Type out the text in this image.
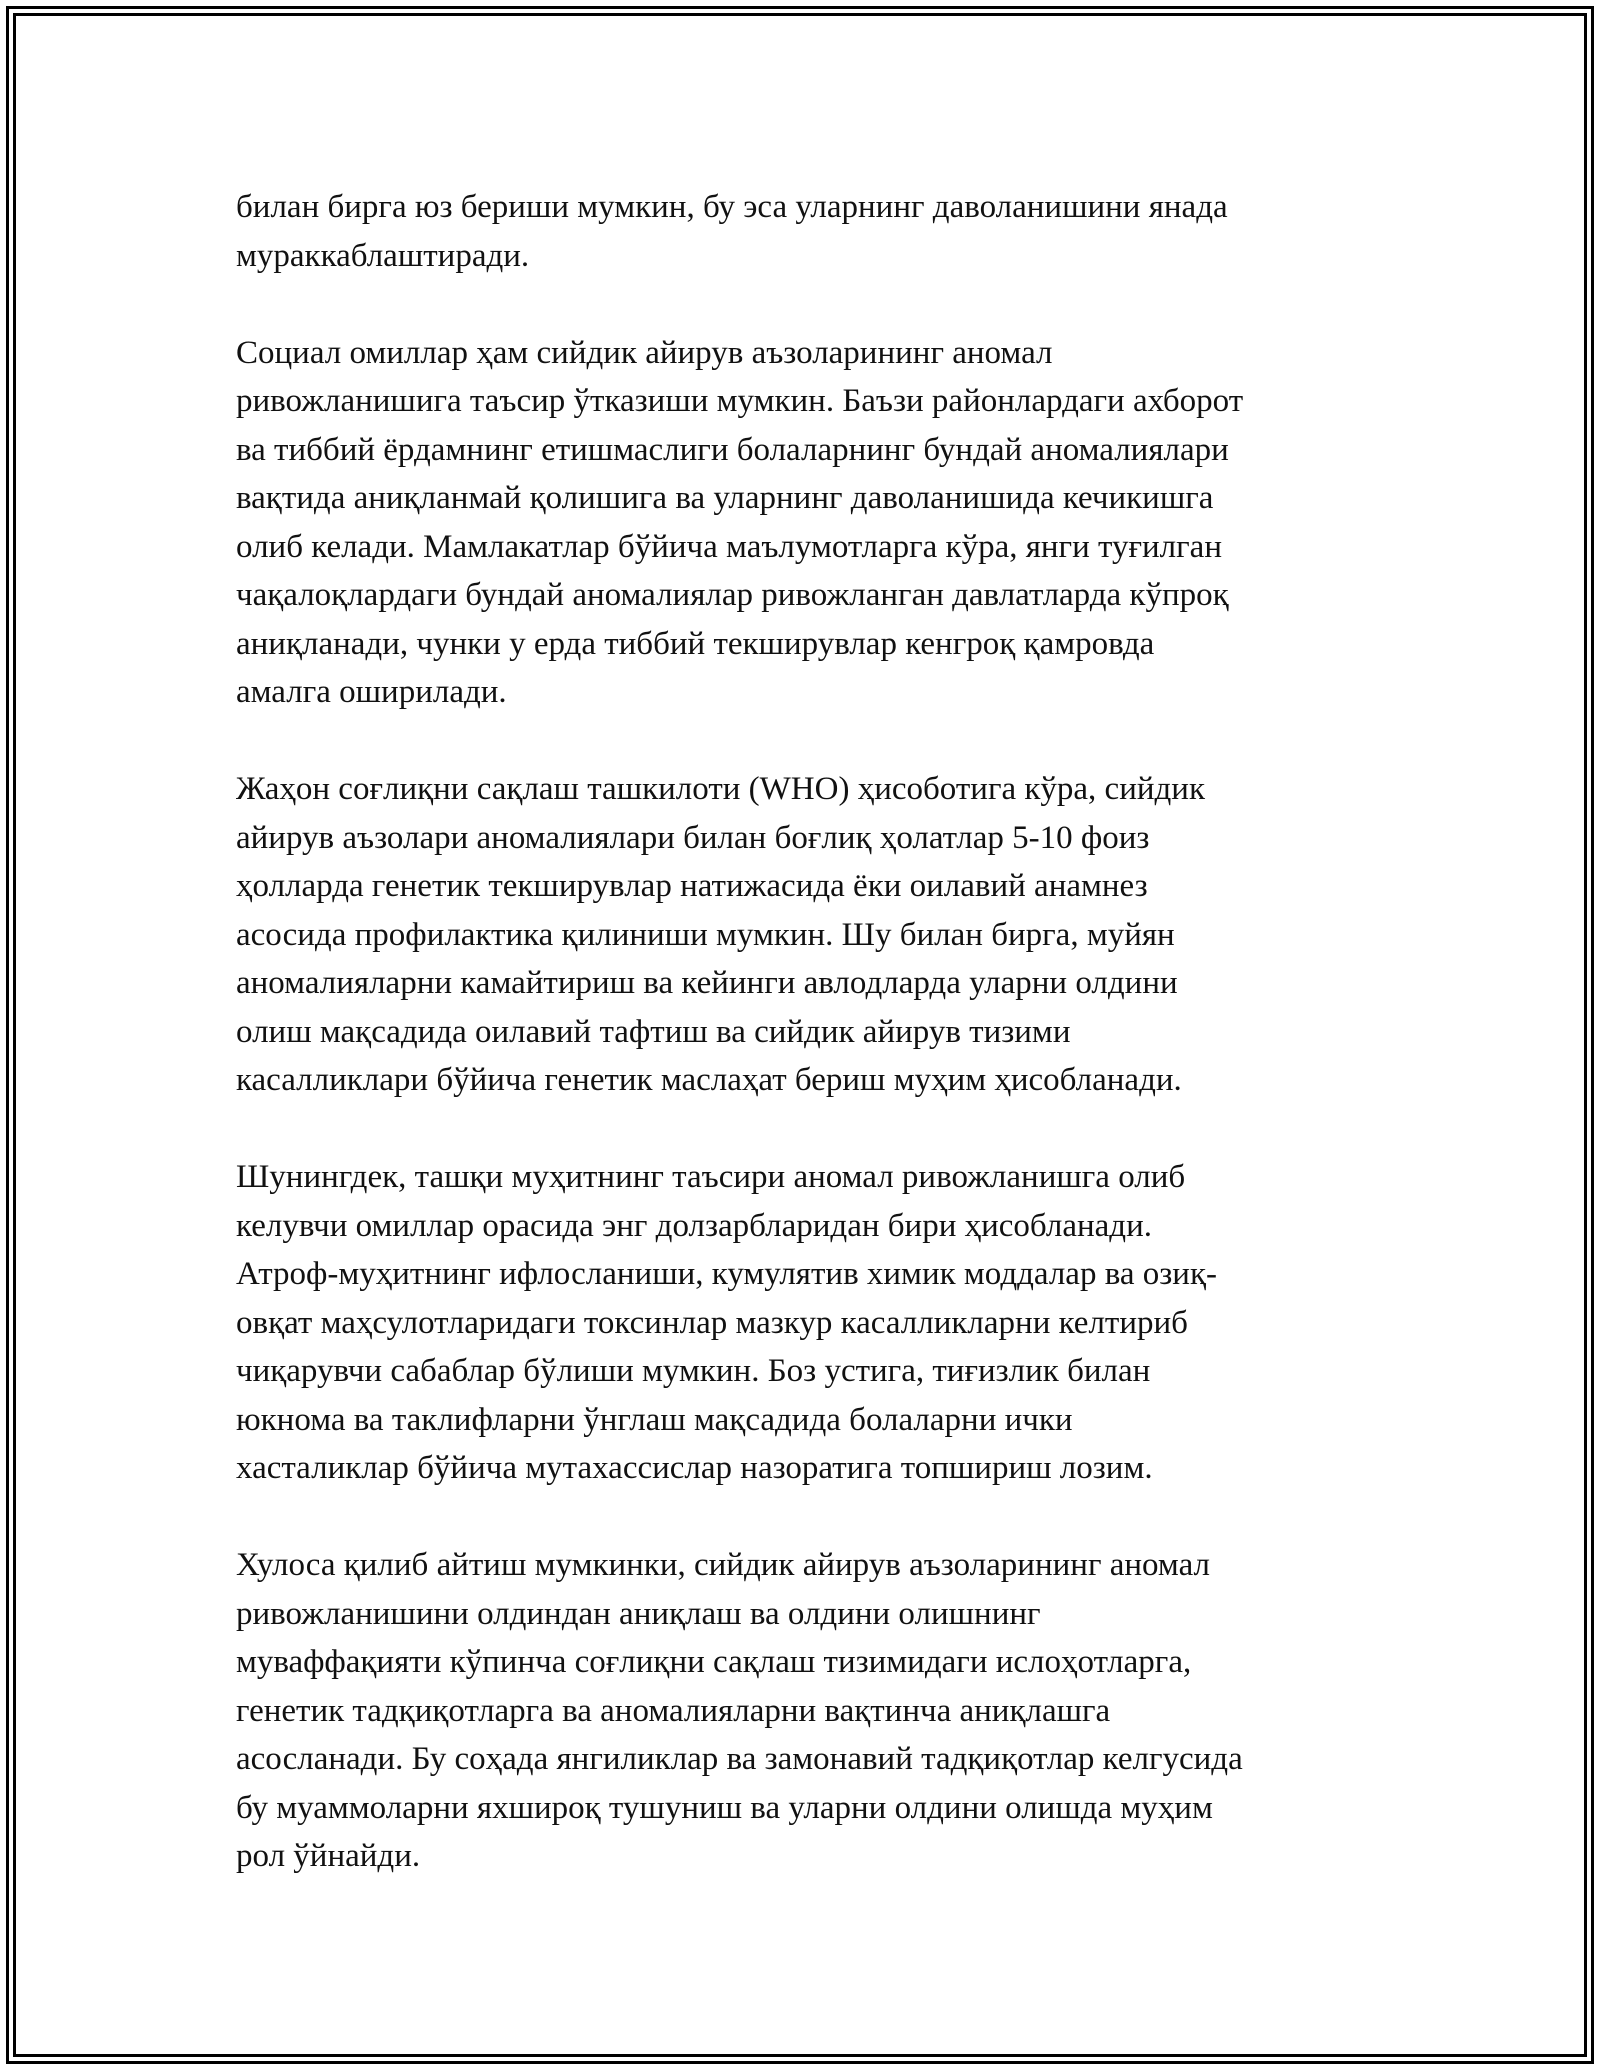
билан бирга юз бериши мумкин, бу эса уларнинг даволанишини янада
мураккаблаштиради.

Социал омиллар ҳам сийдик айирув аъзоларининг аномал
ривожланишига таъсир ўтказиши мумкин. Баъзи районлардаги ахборот
ва тиббий ёрдамнинг етишмаслиги болаларнинг бундай аномалиялари
вақтида аниқланмай қолишига ва уларнинг даволанишида кечикишга
олиб келади. Мамлакатлар бўйича маълумотларга кўра, янги туғилган
чақалоқлардаги бундай аномалиялар ривожланган давлатларда кўпроқ
аниқланади, чунки у ерда тиббий текширувлар кенгроқ қамровда
амалга оширилади.

Жаҳон соғлиқни сақлаш ташкилоти (WHO) ҳисоботига кўра, сийдик
айирув аъзолари аномалиялари билан боғлиқ ҳолатлар 5-10 фоиз
ҳолларда генетик текширувлар натижасида ёки оилавий анамнез
асосида профилактика қилиниши мумкин. Шу билан бирга, муйян
аномалияларни камайтириш ва кейинги авлодларда уларни олдини
олиш мақсадида оилавий тафтиш ва сийдик айирув тизими
касалликлари бўйича генетик маслаҳат бериш муҳим ҳисобланади.

Шунингдек, ташқи муҳитнинг таъсири аномал ривожланишга олиб
келувчи омиллар орасида энг долзарбларидан бири ҳисобланади.
Атроф-муҳитнинг ифлосланиши, кумулятив химик моддалар ва озиқ-
овқат маҳсулотларидаги токсинлар мазкур касалликларни келтириб
чиқарувчи сабаблар бўлиши мумкин. Боз устига, тиғизлик билан
юкнома ва таклифларни ўнглаш мақсадида болаларни ички
хасталиклар бўйича мутахассислар назоратига топшириш лозим.

Хулоса қилиб айтиш мумкинки, сийдик айирув аъзоларининг аномал
ривожланишини олдиндан аниқлаш ва олдини олишнинг
муваффақияти кўпинча соғлиқни сақлаш тизимидаги ислоҳотларга,
генетик тадқиқотларга ва аномалияларни вақтинча аниқлашга
асосланади. Бу соҳада янгиликлар ва замонавий тадқиқотлар келгусида
бу муаммоларни яхшироқ тушуниш ва уларни олдини олишда муҳим
рол ўйнайди.
